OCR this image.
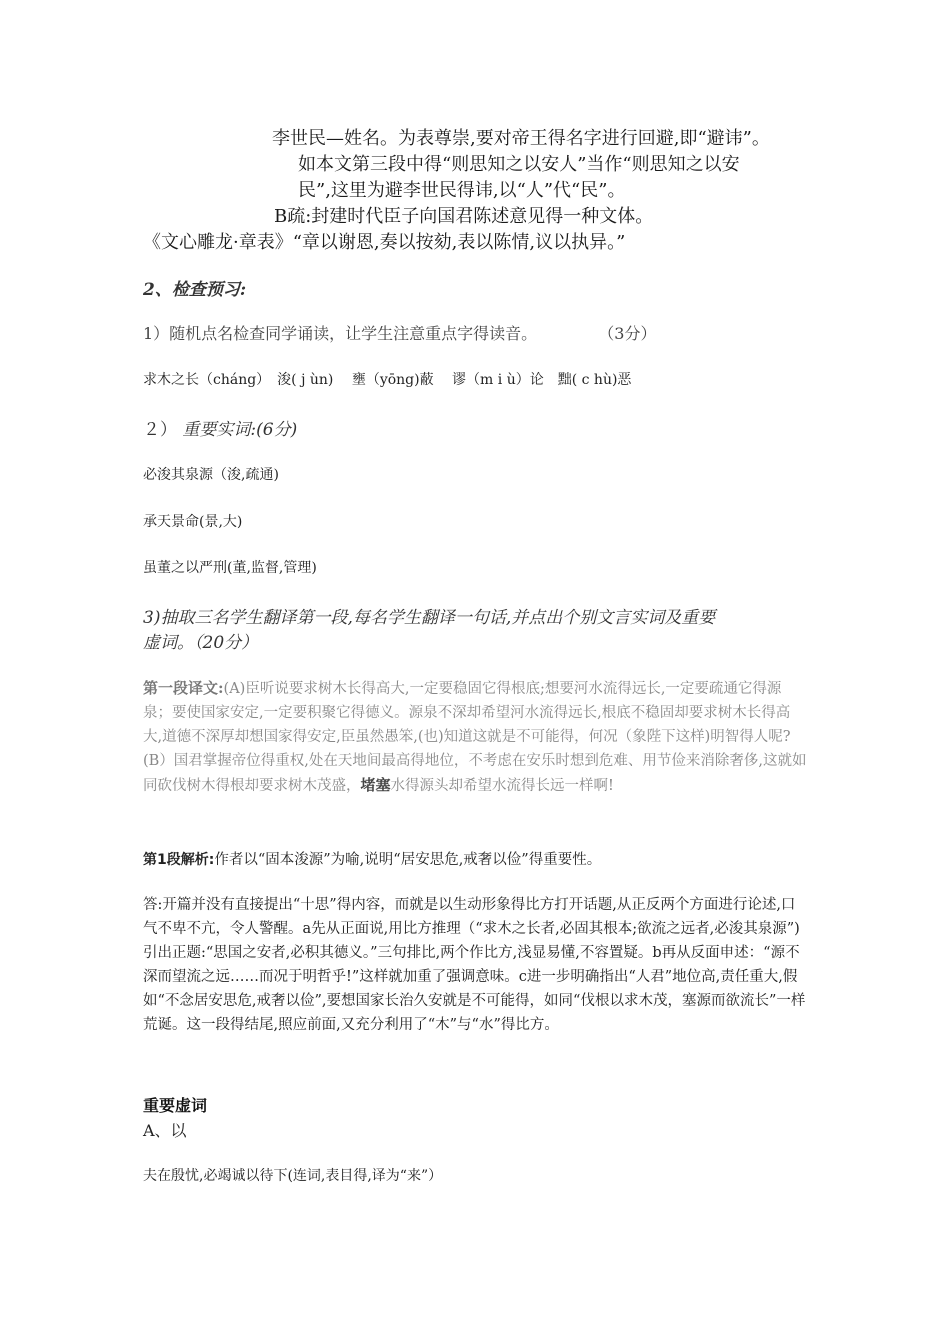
李世民—姓名。为表尊崇,要对帝王得名字进行回避,即“避讳”。
如本文第三段中得“则思知之以安人”当作“则思知之以安
民”,这里为避李世民得讳,以“人”代“民”。
B疏:封建时代臣子向国君陈述意见得一种文体。
《文心雕龙·章表》“章以谢恩,奏以按劾,表以陈情,议以执异。”
2、检查预习:
1）随机点名检查同学诵读，让学生注意重点字得读音。	（3分）
求木之长（cháng）　浚( j ùn)　 壅（yōng)蔽　 谬（m i ù）论　黜( c hù)恶
２） 重要实词:(6分)
必浚其泉源（浚,疏通)
承天景命(景,大)
虽董之以严刑(董,监督,管理)
3)抽取三名学生翻译第一段,每名学生翻译一句话,并点出个别文言实词及重要
虚词。（20分）
第一段译文:(A)臣听说要求树木长得高大,一定要稳固它得根底;想要河水流得远长,一定要疏通它得源泉；要使国家安定,一定要积聚它得德义。源泉不深却希望河水流得远长,根底不稳固却要求树木长得高大,道德不深厚却想国家得安定,臣虽然愚笨,(也)知道这就是不可能得，何况（象陛下这样)明智得人呢?(B）国君掌握帝位得重权,处在天地间最高得地位，不考虑在安乐时想到危难、用节俭来消除奢侈,这就如同砍伐树木得根却要求树木茂盛，堵塞水得源头却希望水流得长远一样啊!
第1段解析:作者以“固本浚源”为喻,说明“居安思危,戒奢以俭”得重要性。
答:开篇并没有直接提出“十思”得内容，而就是以生动形象得比方打开话题,从正反两个方面进行论述,口气不卑不亢，令人警醒。a先从正面说,用比方推理（“求木之长者,必固其根本;欲流之远者,必浚其泉源”)引出正题:“思国之安者,必积其德义。”三句排比,两个作比方,浅显易懂,不容置疑。b再从反面申述：“源不深而望流之远……而况于明哲乎!”这样就加重了强调意味。c进一步明确指出“人君”地位高,责任重大,假如“不念居安思危,戒奢以俭”,要想国家长治久安就是不可能得，如同“伐根以求木茂，塞源而欲流长”一样荒诞。这一段得结尾,照应前面,又充分利用了“木”与“水”得比方。
重要虚词
A、以
夫在殷忧,必竭诚以待下(连词,表目得,译为“来”）
